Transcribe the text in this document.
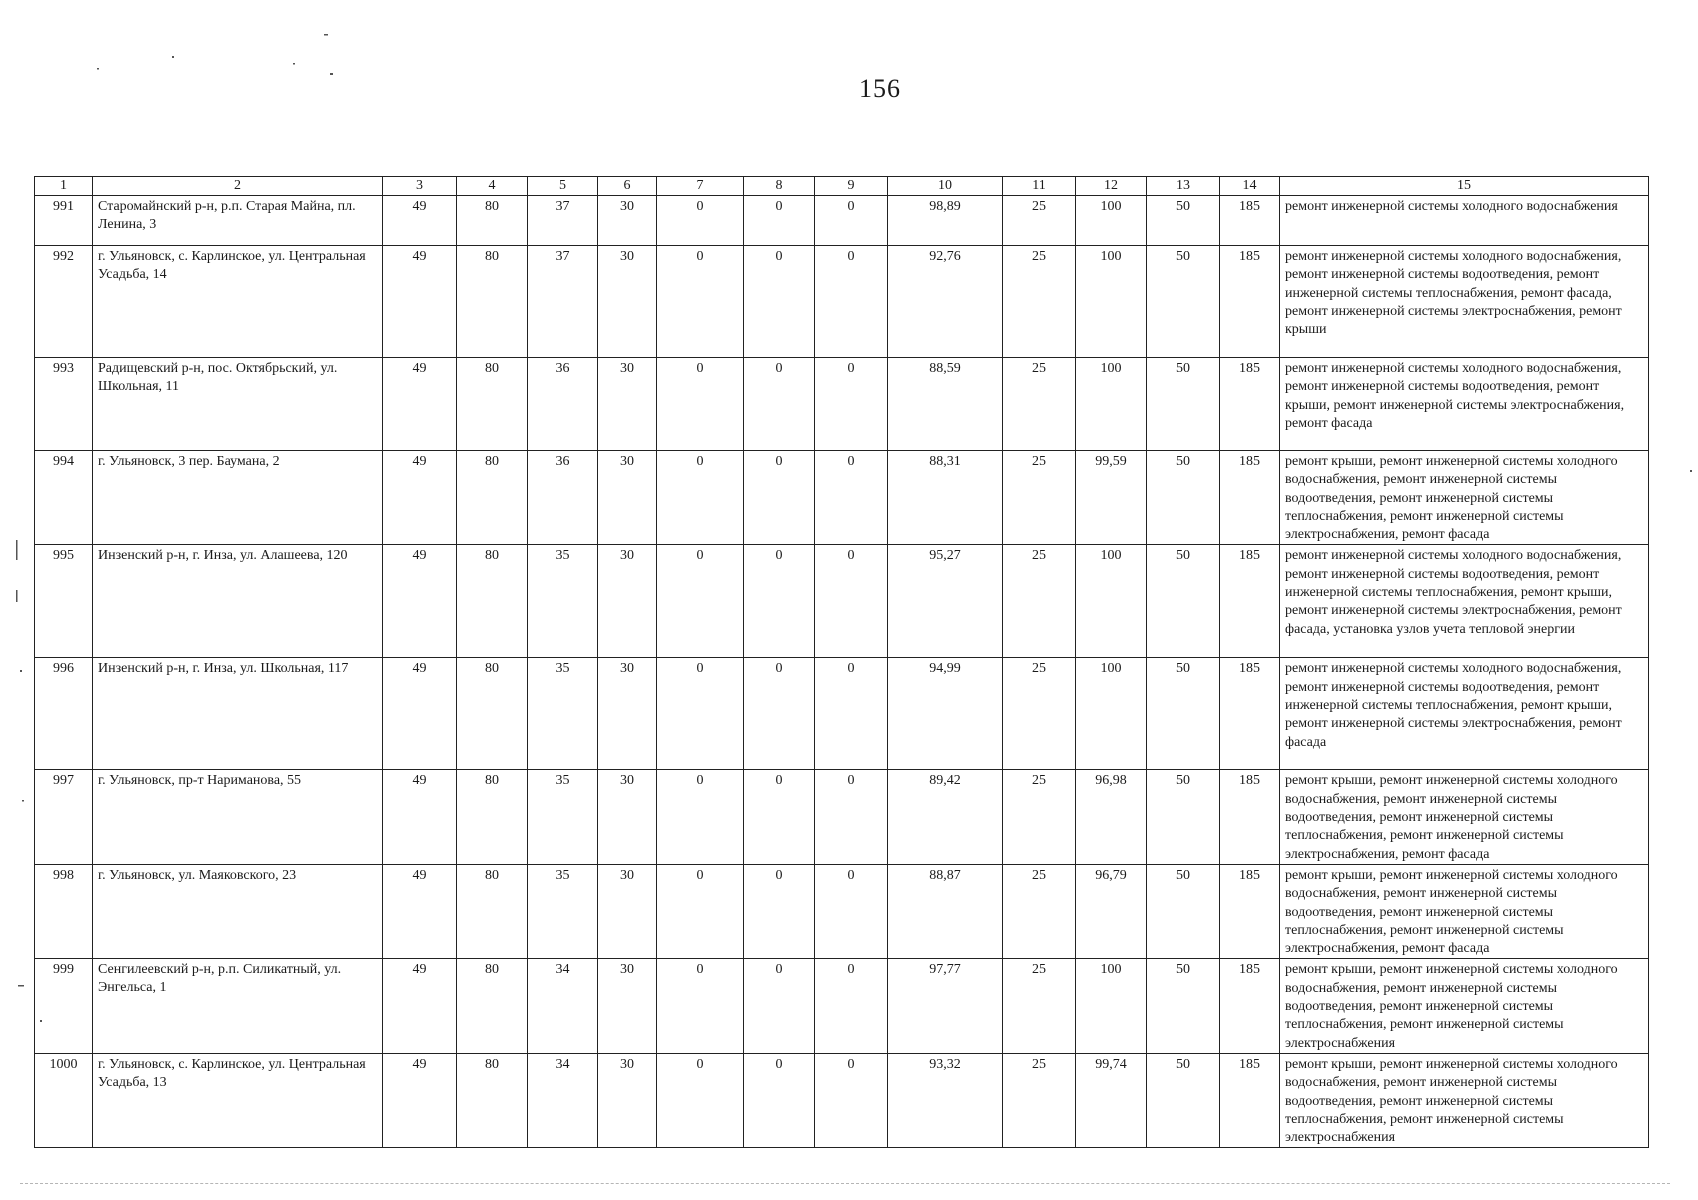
156
1	2	3	4	5	6	7	8	9	10	11	12	13	14	15
991	Старомайнский р-н, р.п. Старая Майна, пл. Ленина, 3	49	80	37	30	0	0	0	98,89	25	100	50	185	ремонт инженерной системы холодного водоснабжения
992	г. Ульяновск, с. Карлинское, ул. Центральная Усадьба, 14	49	80	37	30	0	0	0	92,76	25	100	50	185	ремонт инженерной системы холодного водоснабжения, ремонт инженерной системы водоотведения, ремонт инженерной системы теплоснабжения, ремонт фасада, ремонт инженерной системы электроснабжения, ремонт крыши
993	Радищевский р-н, пос. Октябрьский, ул. Школьная, 11	49	80	36	30	0	0	0	88,59	25	100	50	185	ремонт инженерной системы холодного водоснабжения, ремонт инженерной системы водоотведения, ремонт крыши, ремонт инженерной системы электроснабжения, ремонт фасада
994	г. Ульяновск, 3 пер. Баумана, 2	49	80	36	30	0	0	0	88,31	25	99,59	50	185	ремонт крыши, ремонт инженерной системы холодного водоснабжения, ремонт инженерной системы водоотведения, ремонт инженерной системы теплоснабжения, ремонт инженерной системы электроснабжения, ремонт фасада
995	Инзенский р-н, г. Инза, ул. Алашеева, 120	49	80	35	30	0	0	0	95,27	25	100	50	185	ремонт инженерной системы холодного водоснабжения, ремонт инженерной системы водоотведения, ремонт инженерной системы теплоснабжения, ремонт крыши, ремонт инженерной системы электроснабжения, ремонт фасада, установка узлов учета тепловой энергии
996	Инзенский р-н, г. Инза, ул. Школьная, 117	49	80	35	30	0	0	0	94,99	25	100	50	185	ремонт инженерной системы холодного водоснабжения, ремонт инженерной системы водоотведения, ремонт инженерной системы теплоснабжения, ремонт крыши, ремонт инженерной системы электроснабжения, ремонт фасада
997	г. Ульяновск, пр-т Нариманова, 55	49	80	35	30	0	0	0	89,42	25	96,98	50	185	ремонт крыши, ремонт инженерной системы холодного водоснабжения, ремонт инженерной системы водоотведения, ремонт инженерной системы теплоснабжения, ремонт инженерной системы электроснабжения, ремонт фасада
998	г. Ульяновск, ул. Маяковского, 23	49	80	35	30	0	0	0	88,87	25	96,79	50	185	ремонт крыши, ремонт инженерной системы холодного водоснабжения, ремонт инженерной системы водоотведения, ремонт инженерной системы теплоснабжения, ремонт инженерной системы электроснабжения, ремонт фасада
999	Сенгилеевский р-н, р.п. Силикатный, ул. Энгельса, 1	49	80	34	30	0	0	0	97,77	25	100	50	185	ремонт крыши, ремонт инженерной системы холодного водоснабжения, ремонт инженерной системы водоотведения, ремонт инженерной системы теплоснабжения, ремонт инженерной системы электроснабжения
1000	г. Ульяновск, с. Карлинское, ул. Центральная Усадьба, 13	49	80	34	30	0	0	0	93,32	25	99,74	50	185	ремонт крыши, ремонт инженерной системы холодного водоснабжения, ремонт инженерной системы водоотведения, ремонт инженерной системы теплоснабжения, ремонт инженерной системы электроснабжения
